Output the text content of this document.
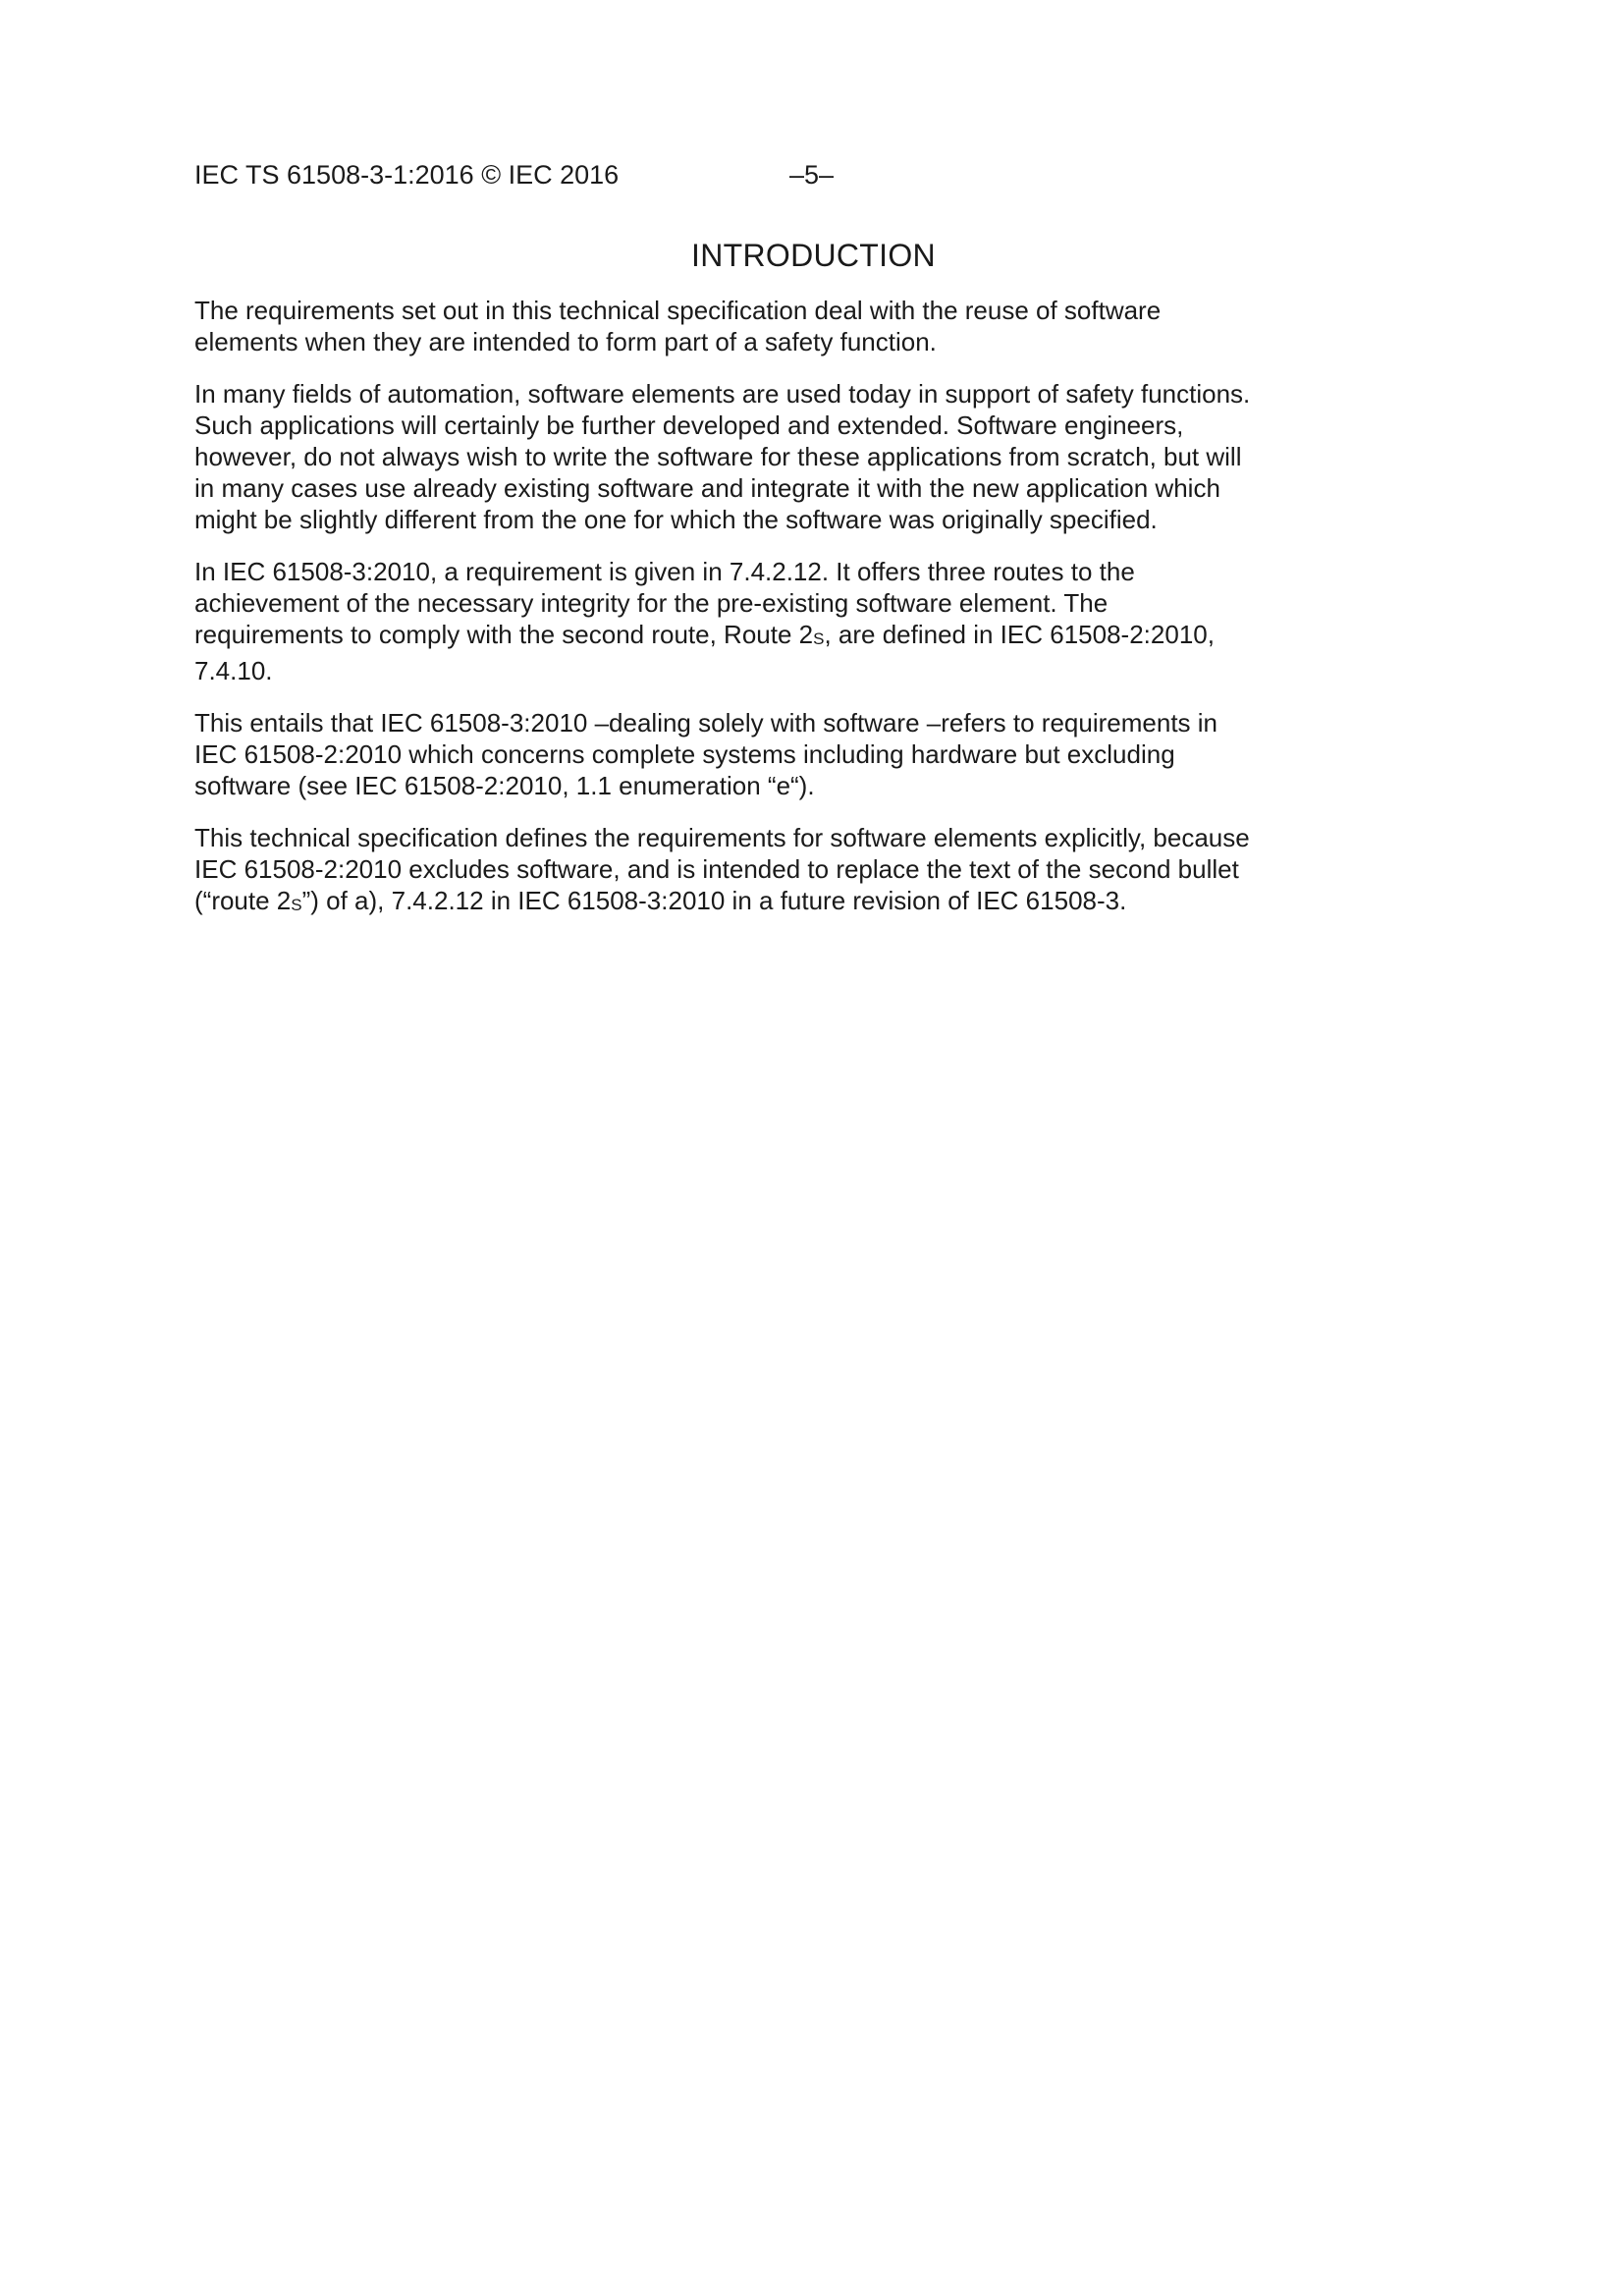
IEC TS 61508-3-1:2016 © IEC 2016	–5–
INTRODUCTION

The requirements set out in this technical specification deal with the reuse of software
elements when they are intended to form part of a safety function.

In many fields of automation, software elements are used today in support of safety functions.
Such applications will certainly be further developed and extended. Software engineers,
however, do not always wish to write the software for these applications from scratch, but will
in many cases use already existing software and integrate it with the new application which
might be slightly different from the one for which the software was originally specified.

In IEC 61508-3:2010, a requirement is given in 7.4.2.12. It offers three routes to the
achievement of the necessary integrity for the pre-existing software element. The
requirements to comply with the second route, Route 2S, are defined in IEC 61508-2:2010,
7.4.10.

This entails that IEC 61508-3:2010 –dealing solely with software –refers to requirements in
IEC 61508-2:2010 which concerns complete systems including hardware but excluding
software (see IEC 61508-2:2010, 1.1 enumeration “e“).

This technical specification defines the requirements for software elements explicitly, because
IEC 61508-2:2010 excludes software, and is intended to replace the text of the second bullet
(“route 2S”) of a), 7.4.2.12 in IEC 61508-3:2010 in a future revision of IEC 61508-3.
